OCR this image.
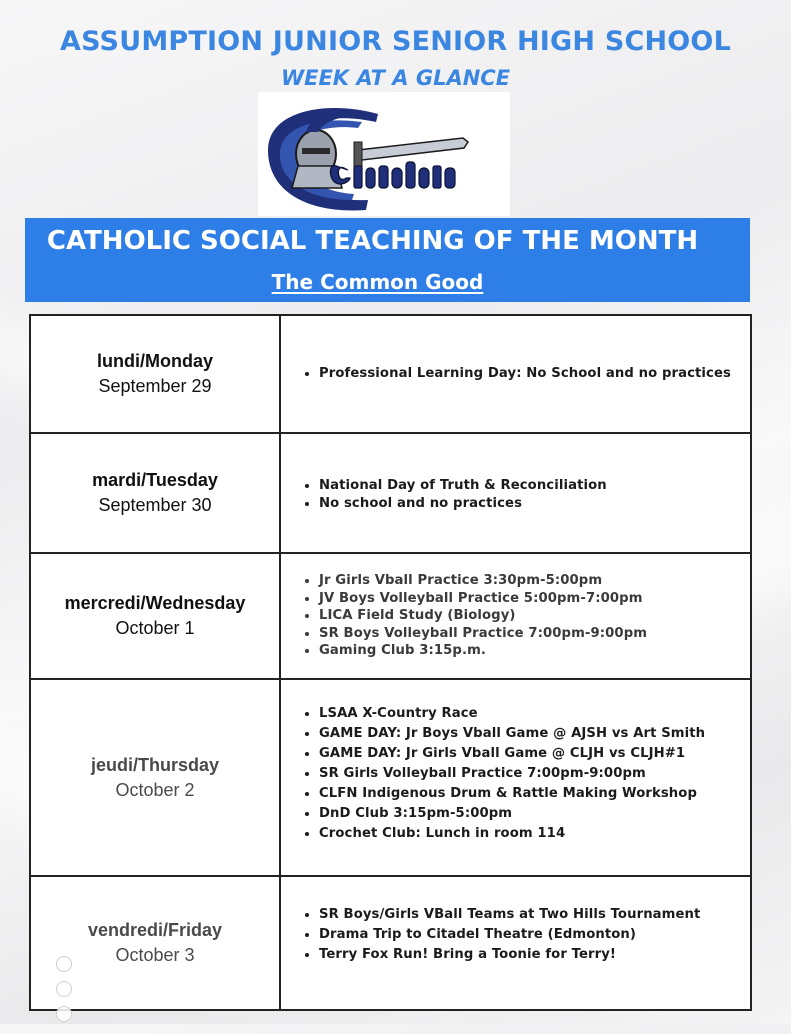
ASSUMPTION JUNIOR SENIOR HIGH SCHOOL
WEEK AT A GLANCE
CATHOLIC SOCIAL TEACHING OF THE MONTH
The Common Good
lundi/Monday
September 29
• Professional Learning Day: No School and no practices
mardi/Tuesday
September 30
• National Day of Truth & Reconciliation
• No school and no practices
mercredi/Wednesday
October 1
• Jr Girls Vball Practice 3:30pm-5:00pm
• JV Boys Volleyball Practice 5:00pm-7:00pm
• LICA Field Study (Biology)
• SR Boys Volleyball Practice 7:00pm-9:00pm
• Gaming Club 3:15p.m.
jeudi/Thursday
October 2
• LSAA X-Country Race
• GAME DAY: Jr Boys Vball Game @ AJSH vs Art Smith
• GAME DAY: Jr Girls Vball Game @ CLJH vs CLJH#1
• SR Girls Volleyball Practice 7:00pm-9:00pm
• CLFN Indigenous Drum & Rattle Making Workshop
• DnD Club 3:15pm-5:00pm
• Crochet Club: Lunch in room 114
vendredi/Friday
October 3
• SR Boys/Girls VBall Teams at Two Hills Tournament
• Drama Trip to Citadel Theatre (Edmonton)
• Terry Fox Run! Bring a Toonie for Terry!
